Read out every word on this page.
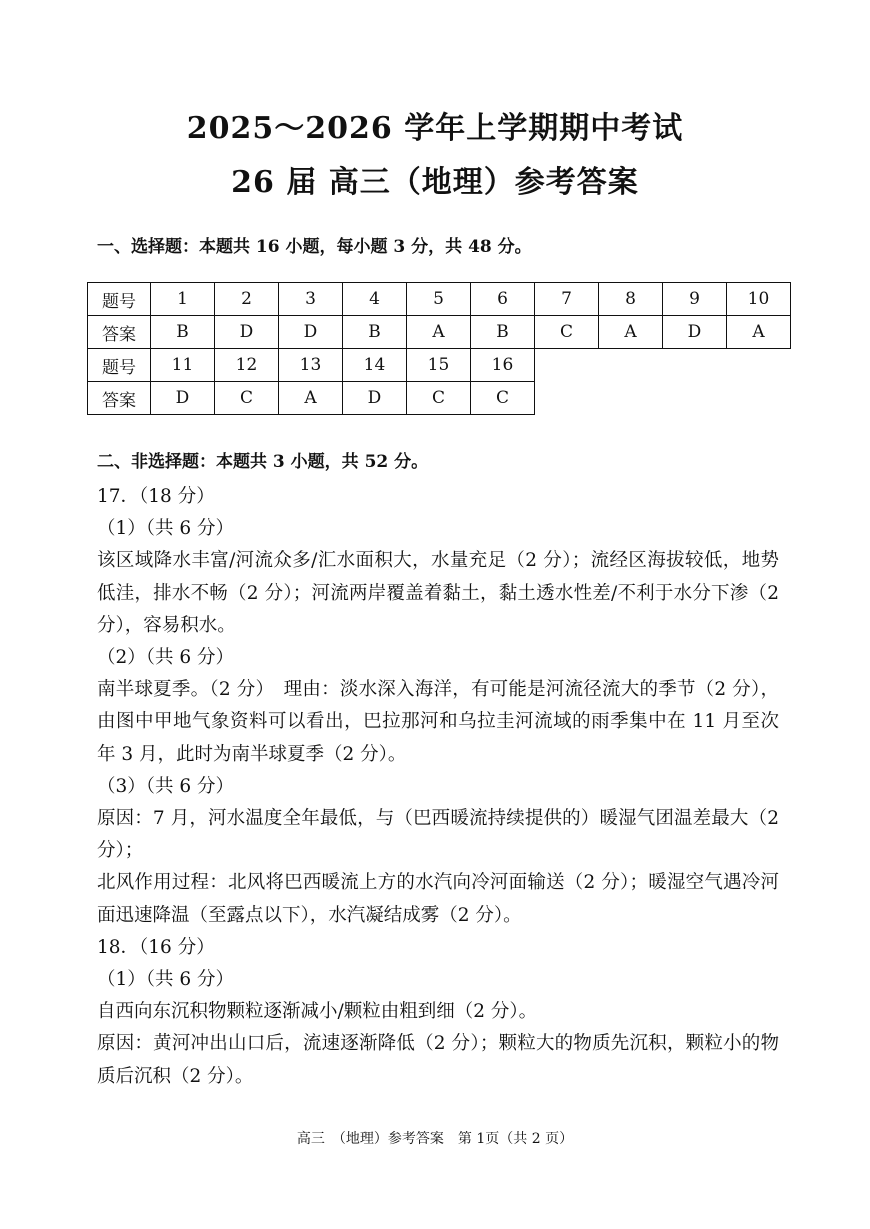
2025～2026 学年上学期期中考试
26 届 高三（地理）参考答案
一、选择题：本题共 16 小题，每小题 3 分，共 48 分。
题号	1	2	3	4	5	6	7	8	9	10
答案	B	D	D	B	A	B	C	A	D	A
题号	11	12	13	14	15	16				
答案	D	C	A	D	C	C				
二、非选择题：本题共 3 小题，共 52 分。

17．（18 分）

（1）（共 6 分）

该区域降水丰富/河流众多/汇水面积大，水量充足（2 分）；流经区海拔较低，地势低洼，排水不畅（2 分）；河流两岸覆盖着黏土，黏土透水性差/不利于水分下渗（2 分），容易积水。

（2）（共 6 分）

南半球夏季。（2 分）　理由：淡水深入海洋，有可能是河流径流大的季节（2 分），由图中甲地气象资料可以看出，巴拉那河和乌拉圭河流域的雨季集中在 11 月至次年 3 月，此时为南半球夏季（2 分）。

（3）（共 6 分）

原因：7 月，河水温度全年最低，与（巴西暖流持续提供的）暖湿气团温差最大（2 分）；

北风作用过程：北风将巴西暖流上方的水汽向冷河面输送（2 分）；暖湿空气遇冷河面迅速降温（至露点以下），水汽凝结成雾（2 分）。

18．（16 分）

（1）（共 6 分）

自西向东沉积物颗粒逐渐减小/颗粒由粗到细（2 分）。

原因：黄河冲出山口后，流速逐渐降低（2 分）；颗粒大的物质先沉积，颗粒小的物质后沉积（2 分）。

高三　（地理）参考答案　第 1页（共 2 页）
